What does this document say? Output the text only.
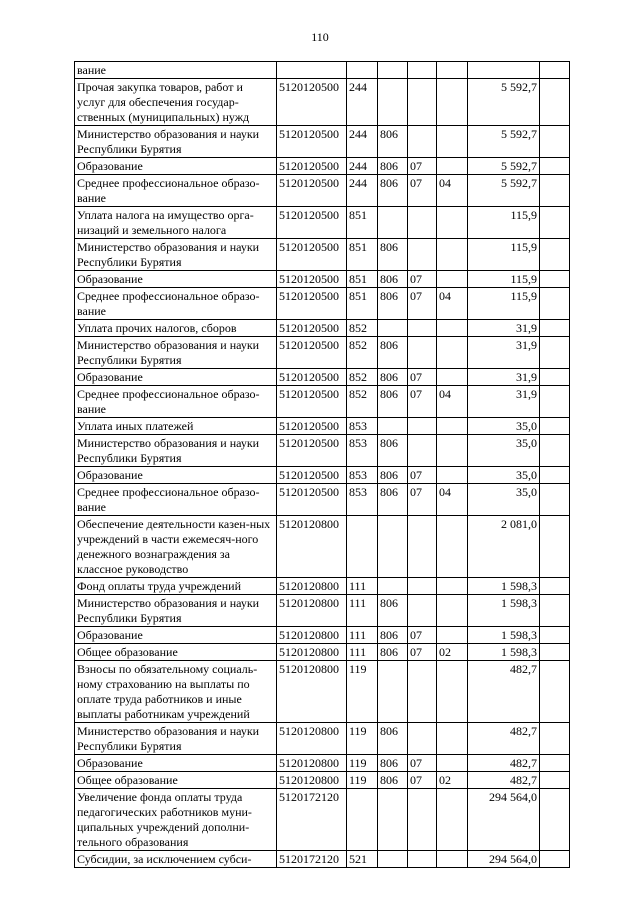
110
вание							
Прочая закупка товаров, работ и услуг для обеспечения государ-ственных (муниципальных) нужд	5120120500	244				5 592,7	
Министерство образования и науки Республики Бурятия	5120120500	244	806			5 592,7	
Образование	5120120500	244	806	07		5 592,7	
Среднее профессиональное образо-вание	5120120500	244	806	07	04	5 592,7	
Уплата налога на имущество орга-низаций и земельного налога	5120120500	851				115,9	
Министерство образования и науки Республики Бурятия	5120120500	851	806			115,9	
Образование	5120120500	851	806	07		115,9	
Среднее профессиональное образо-вание	5120120500	851	806	07	04	115,9	
Уплата прочих налогов, сборов	5120120500	852				31,9	
Министерство образования и науки Республики Бурятия	5120120500	852	806			31,9	
Образование	5120120500	852	806	07		31,9	
Среднее профессиональное образо-вание	5120120500	852	806	07	04	31,9	
Уплата иных платежей	5120120500	853				35,0	
Министерство образования и науки Республики Бурятия	5120120500	853	806			35,0	
Образование	5120120500	853	806	07		35,0	
Среднее профессиональное образо-вание	5120120500	853	806	07	04	35,0	
Обеспечение деятельности казен-ных учреждений в части ежемесяч-ного денежного вознаграждения за классное руководство	5120120800					2 081,0	
Фонд оплаты труда учреждений	5120120800	111				1 598,3	
Министерство образования и науки Республики Бурятия	5120120800	111	806			1 598,3	
Образование	5120120800	111	806	07		1 598,3	
Общее образование	5120120800	111	806	07	02	1 598,3	
Взносы по обязательному социаль-ному страхованию на выплаты по оплате труда работников и иные выплаты работникам учреждений	5120120800	119				482,7	
Министерство образования и науки Республики Бурятия	5120120800	119	806			482,7	
Образование	5120120800	119	806	07		482,7	
Общее образование	5120120800	119	806	07	02	482,7	
Увеличение фонда оплаты труда педагогических работников муни-ципальных учреждений дополни-тельного образования	5120172120					294 564,0	
Субсидии, за исключением субси-	5120172120	521				294 564,0	
